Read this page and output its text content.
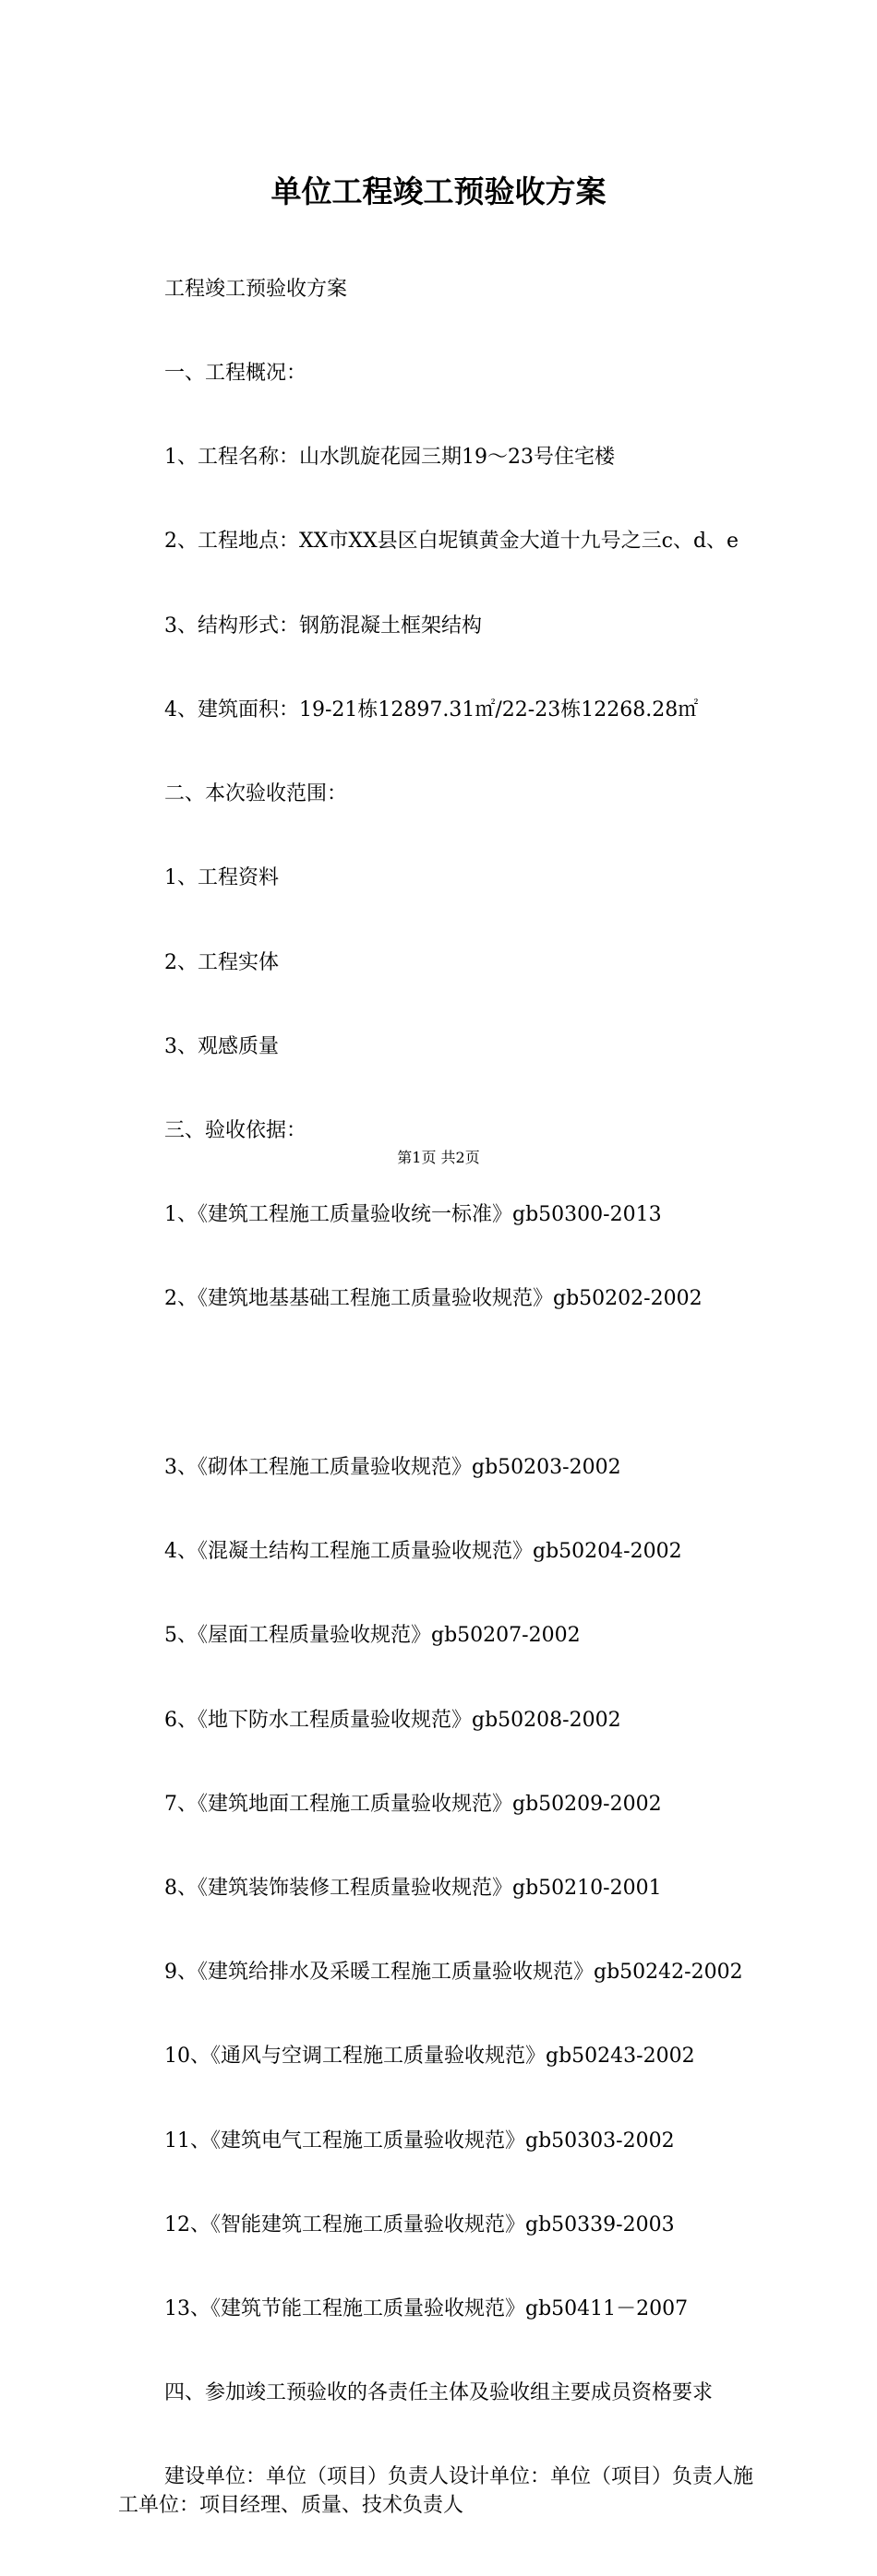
单位工程竣工预验收方案

工程竣工预验收方案

一、工程概况：

1、工程名称：山水凯旋花园三期19～23号住宅楼

2、工程地点：XX市XX县区白坭镇黄金大道十九号之三c、d、e

3、结构形式：钢筋混凝土框架结构

4、建筑面积：19-21栋12897.31㎡/22-23栋12268.28㎡

二、本次验收范围：

1、工程资料

2、工程实体

3、观感质量

三、验收依据：

1、《建筑工程施工质量验收统一标准》gb50300-2013

2、《建筑地基基础工程施工质量验收规范》gb50202-2002

3、《砌体工程施工质量验收规范》gb50203-2002

4、《混凝土结构工程施工质量验收规范》gb50204-2002

5、《屋面工程质量验收规范》gb50207-2002

6、《地下防水工程质量验收规范》gb50208-2002

7、《建筑地面工程施工质量验收规范》gb50209-2002

8、《建筑装饰装修工程质量验收规范》gb50210-2001

9、《建筑给排水及采暖工程施工质量验收规范》gb50242-2002

10、《通风与空调工程施工质量验收规范》gb50243-2002

11、《建筑电气工程施工质量验收规范》gb50303-2002

12、《智能建筑工程施工质量验收规范》gb50339-2003

13、《建筑节能工程施工质量验收规范》gb50411－2007

四、参加竣工预验收的各责任主体及验收组主要成员资格要求

建设单位：单位（项目）负责人设计单位：单位（项目）负责人施工单位：项目经理、质量、技术负责人

第1页 共2页
